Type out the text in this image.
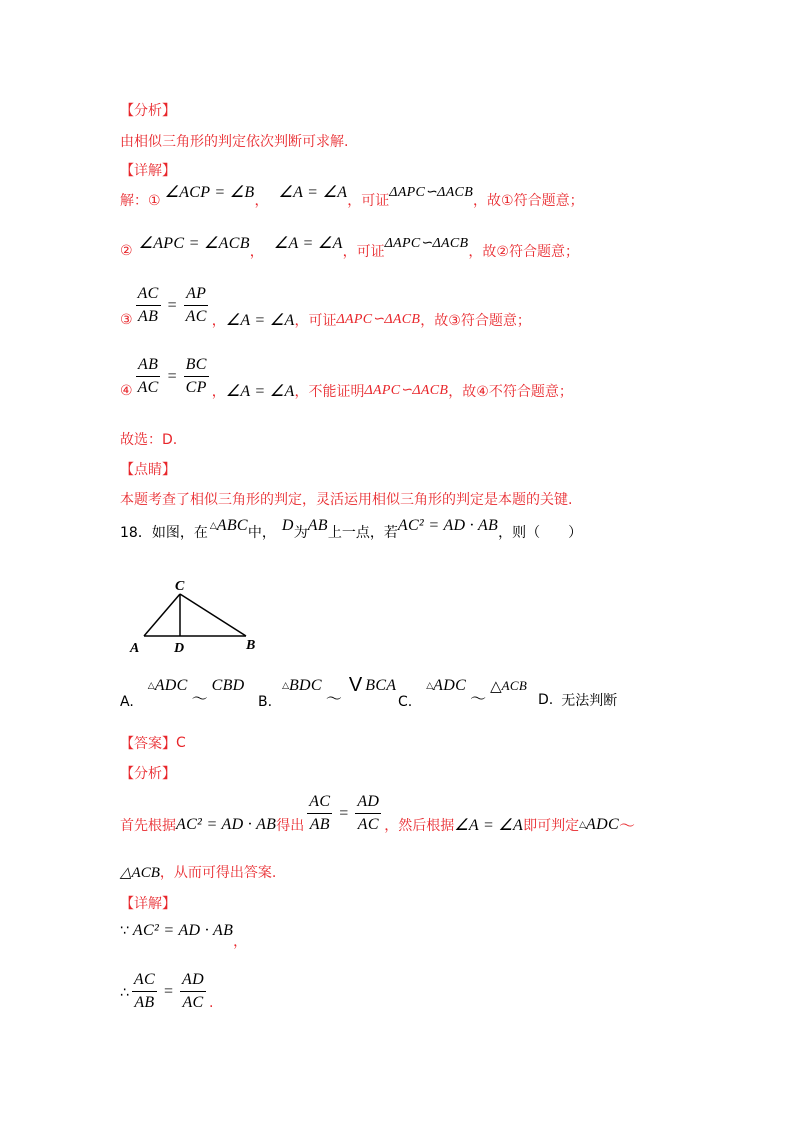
【分析】
由相似三角形的判定依次判断可求解.
【详解】
解：① ∠ACP = ∠B ， ∠A = ∠A ，可证
ΔAPC∽ΔACB
，故①符合题意；
② ∠APC = ∠ACB ， ∠A = ∠A ，可证
ΔAPC∽ΔACB
，故②符合题意；
③ $\frac{AC}{AB} = \frac{AP}{AC}$ ， ∠A = ∠A ，可证 ΔAPC∽ΔACB ，故③符合题意；
④ $\frac{AB}{AC} = \frac{BC}{CP}$ ， ∠A = ∠A ，不能证明 ΔAPC∽ΔACB ，故④不符合题意；
故选：D.
【点睛】
本题考查了相似三角形的判定，灵活运用相似三角形的判定是本题的关键.
18．如图，在 △ ABC 中， D 为 AB 上一点，若 AC² = AD · AB ，则（　　）
C
A D	B
A.
△ ADC
～
CBD
B.
△ BDC
～
V BCA
C.
△ ADC
～
△ ACB
D. 无法判断
【答案】 C
【分析】
首先根据 AC² = AD · AB 得出 $\frac{AC}{AB} = \frac{AD}{AC}$ ，然后根据 ∠A = ∠A 即可判定 △ ADC ～
△ACB ，从而可得出答案.
【详解】
∵ AC² = AD · AB
，
∴ $\frac{AC}{AB} = \frac{AD}{AC}$ .
